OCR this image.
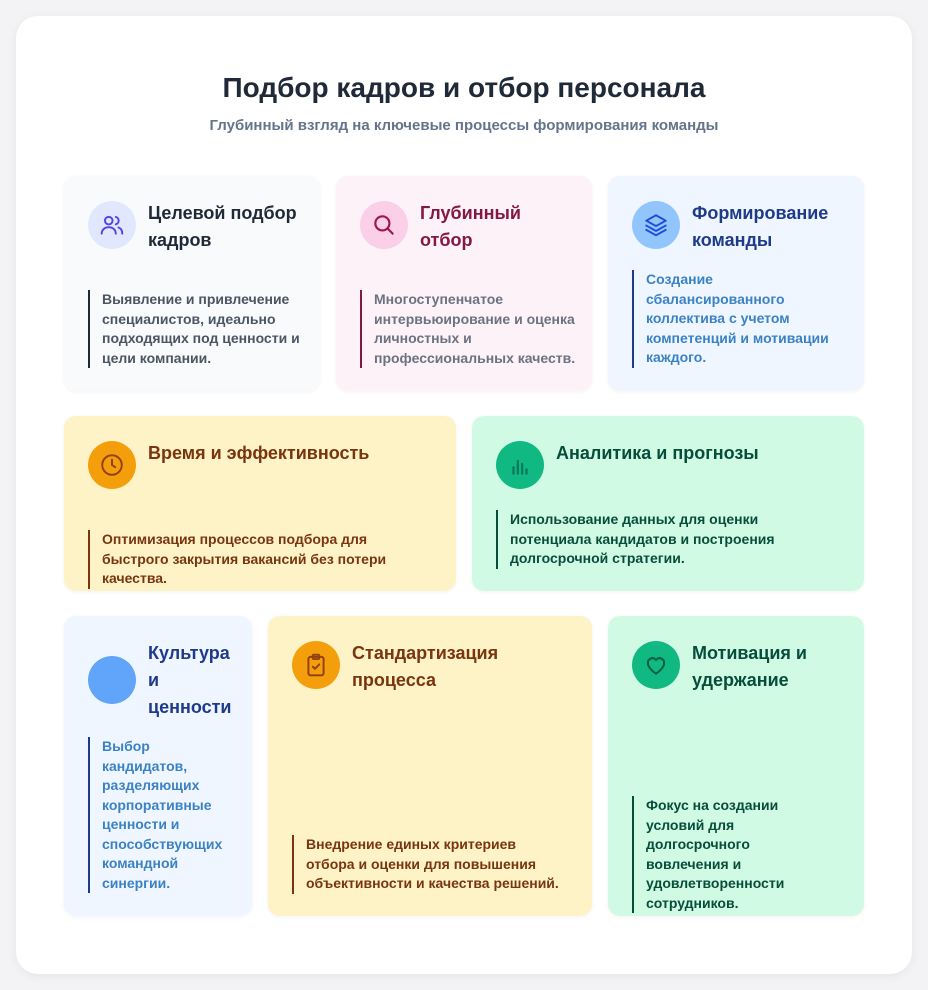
Подбор кадров и отбор персонала
Глубинный взгляд на ключевые процессы формирования команды
Целевой подбор кадров
Выявление и привлечение специалистов, идеально подходящих под ценности и цели компании.
Глубинный отбор
Многоступенчатое интервьюирование и оценка личностных и профессиональных качеств.
Формирование команды
Создание сбалансированного коллектива с учетом компетенций и мотивации каждого.
Время и эффективность
Оптимизация процессов подбора для быстрого закрытия вакансий без потери качества.
Аналитика и прогнозы
Использование данных для оценки потенциала кандидатов и построения долгосрочной стратегии.
Культура и ценности
Выбор кандидатов, разделяющих корпоративные ценности и способствующих командной синергии.
Стандартизация процесса
Внедрение единых критериев отбора и оценки для повышения объективности и качества решений.
Мотивация и удержание
Фокус на создании условий для долгосрочного вовлечения и удовлетворенности сотрудников.
